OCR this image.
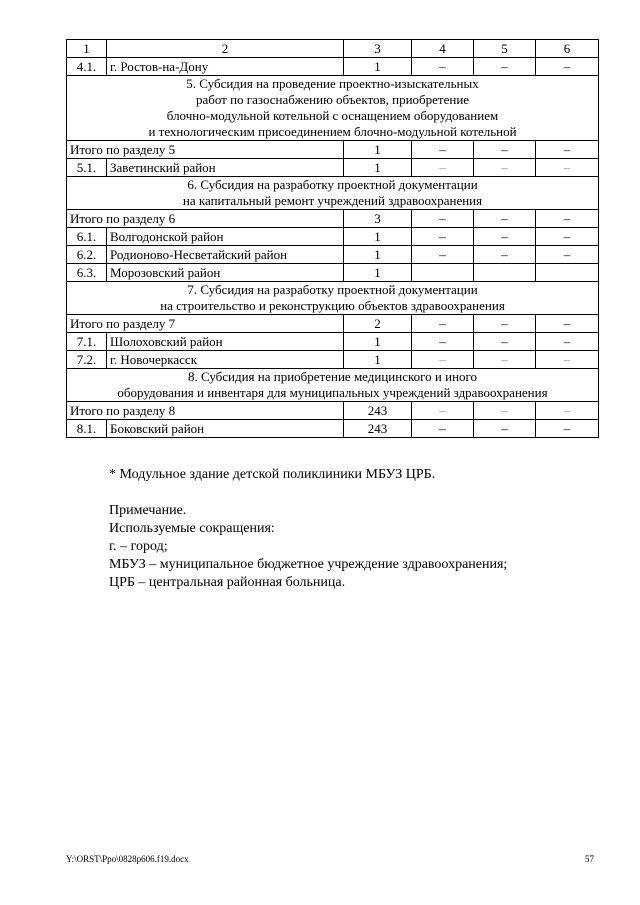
1	2	3	4	5	6
4.1.	г. Ростов-на-Дону	1	–	–	–
5. Субсидия на проведение проектно-изыскательных
работ по газоснабжению объектов, приобретение
блочно-модульной котельной с оснащением оборудованием
и технологическим присоединением блочно-модульной котельной					
Итого по разделу 5		1	–	–	–
5.1.	Заветинский район	1	–	–	–
6. Субсидия на разработку проектной документации
на капитальный ремонт учреждений здравоохранения					
Итого по разделу 6		3	–	–	–
6.1.	Волгодонской район	1	–	–	–
6.2.	Родионово-Несветайский район	1	–	–	–
6.3.	Морозовский район	1			
7. Субсидия на разработку проектной документации
на строительство и реконструкцию объектов здравоохранения					
Итого по разделу 7		2	–	–	–
7.1.	Шолоховский район	1	–	–	–
7.2.	г. Новочеркасск	1	–	–	–
8. Субсидия на приобретение медицинского и иного
оборудования и инвентаря для муниципальных учреждений здравоохранения					
Итого по разделу 8		243	–	–	–
8.1.	Боковский район	243	–	–	–

* Модульное здание детской поликлиники МБУЗ ЦРБ.

Примечание.

Используемые сокращения:

г. – город;

МБУЗ – муниципальное бюджетное учреждение здравоохранения;

ЦРБ – центральная районная больница.

Y:\ORST\Ppo\0828p606.f19.docx	57
